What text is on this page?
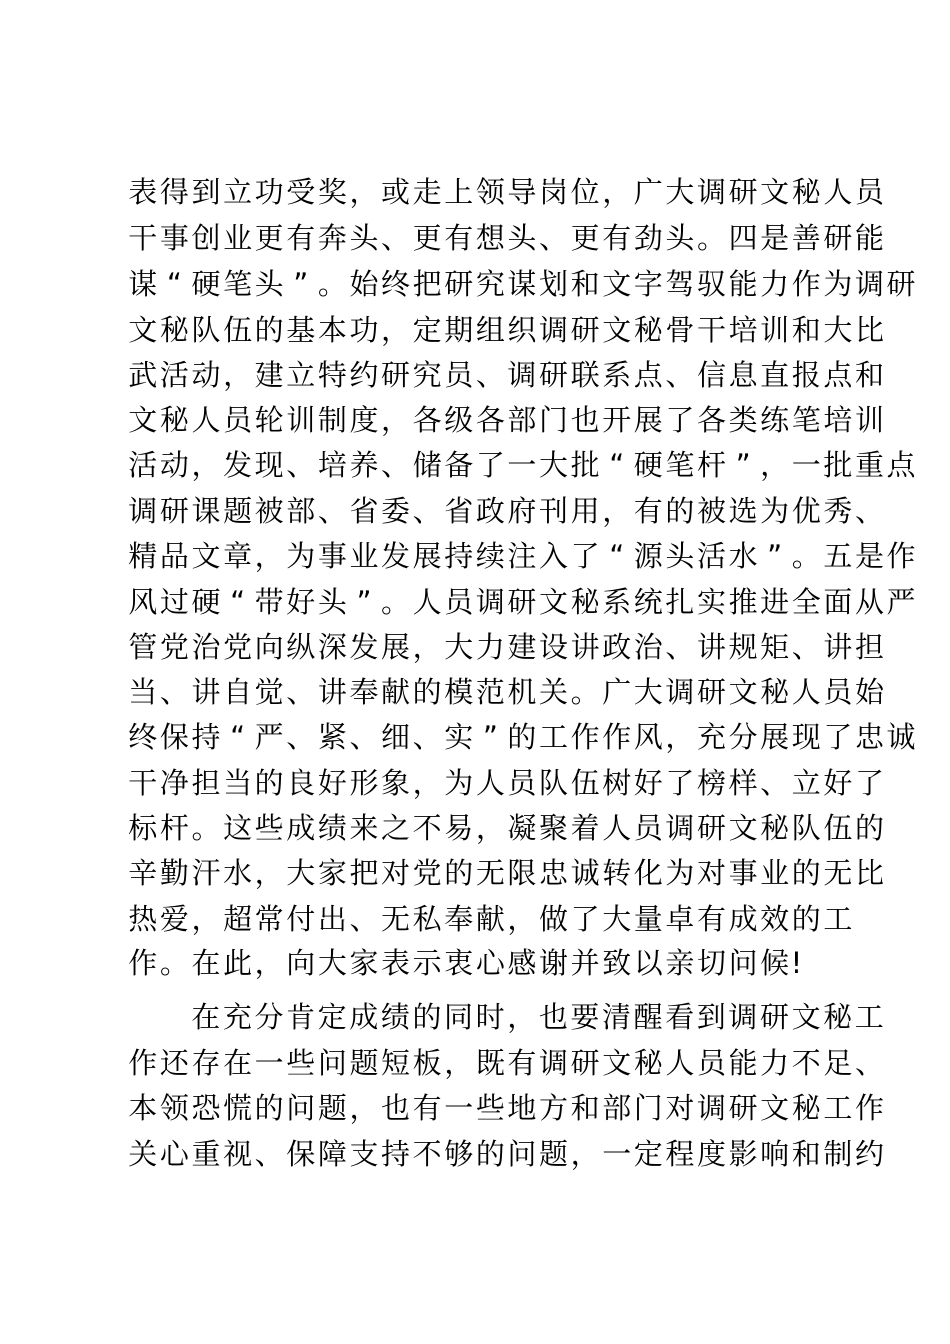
表 得 到 立 功 受 奖 ， 或 走 上 领 导 岗 位 ， 广 大 调 研 文 秘 人 员
干 事 创 业 更 有 奔 头 、 更 有 想 头 、 更 有 劲 头 。 四 是 善 研 能
谋 “ 硬 笔 头 ” 。 始 终 把 研 究 谋 划 和 文 字 驾 驭 能 力 作 为 调 研
文 秘 队 伍 的 基 本 功 ， 定 期 组 织 调 研 文 秘 骨 干 培 训 和 大 比
武 活 动 ， 建 立 特 约 研 究 员 、 调 研 联 系 点 、 信 息 直 报 点 和
文 秘 人 员 轮 训 制 度 ， 各 级 各 部 门 也 开 展 了 各 类 练 笔 培 训
活 动 ， 发 现 、 培 养 、 储 备 了 一 大 批 “ 硬 笔 杆 ” ， 一 批 重 点
调 研 课 题 被 部 、 省 委 、 省 政 府 刊 用 ， 有 的 被 选 为 优 秀 、
精 品 文 章 ， 为 事 业 发 展 持 续 注 入 了 “ 源 头 活 水 ” 。 五 是 作
风 过 硬 “ 带 好 头 ” 。 人 员 调 研 文 秘 系 统 扎 实 推 进 全 面 从 严
管 党 治 党 向 纵 深 发 展 ， 大 力 建 设 讲 政 治 、 讲 规 矩 、 讲 担
当 、 讲 自 觉 、 讲 奉 献 的 模 范 机 关 。 广 大 调 研 文 秘 人 员 始
终 保 持 “ 严 、 紧 、 细 、 实 ” 的 工 作 作 风 ， 充 分 展 现 了 忠 诚
干 净 担 当 的 良 好 形 象 ， 为 人 员 队 伍 树 好 了 榜 样 、 立 好 了
标 杆 。 这 些 成 绩 来 之 不 易 ， 凝 聚 着 人 员 调 研 文 秘 队 伍 的
辛 勤 汗 水 ， 大 家 把 对 党 的 无 限 忠 诚 转 化 为 对 事 业 的 无 比
热 爱 ， 超 常 付 出 、 无 私 奉 献 ， 做 了 大 量 卓 有 成 效 的 工
作 。 在 此 ， 向 大 家 表 示 衷 心 感 谢 并 致 以 亲 切 问 候 !
在 充 分 肯 定 成 绩 的 同 时 ， 也 要 清 醒 看 到 调 研 文 秘 工
作 还 存 在 一 些 问 题 短 板 ， 既 有 调 研 文 秘 人 员 能 力 不 足 、
本 领 恐 慌 的 问 题 ， 也 有 一 些 地 方 和 部 门 对 调 研 文 秘 工 作
关 心 重 视 、 保 障 支 持 不 够 的 问 题 ， 一 定 程 度 影 响 和 制 约
